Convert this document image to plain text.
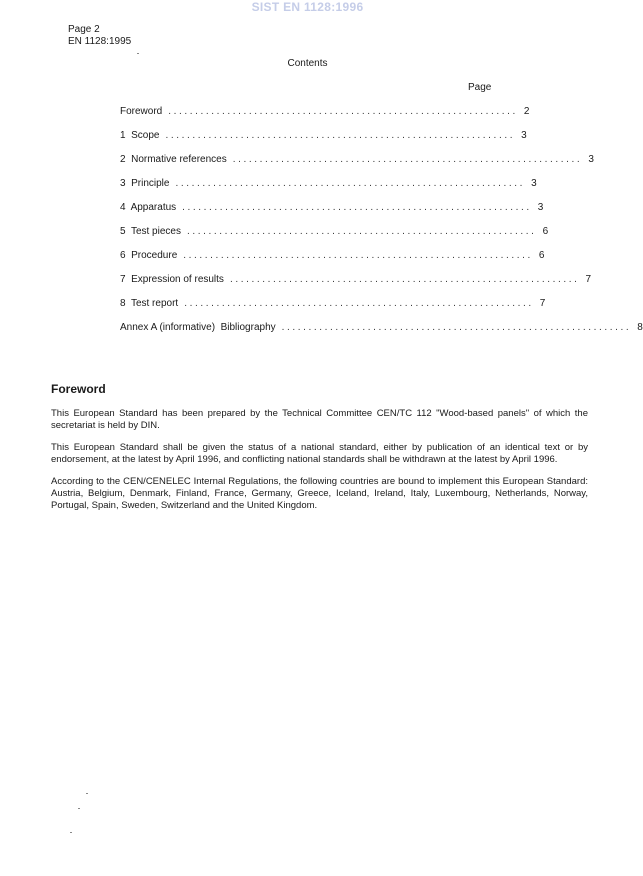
SIST EN 1128:1996
Page 2
EN 1128:1995
Contents
Page
Foreword ................................................................. 2
1  Scope ................................................................. 3
2  Normative references ................................................................. 3
3  Principle ................................................................. 3
4  Apparatus ................................................................. 3
5  Test pieces ................................................................. 6
6  Procedure ................................................................. 6
7  Expression of results ................................................................. 7
8  Test report ................................................................. 7
Annex A (informative)  Bibliography ................................................................. 8
Foreword

This European Standard has been prepared by the Technical Committee CEN/TC 112 "Wood-based panels" of which the secretariat is held by DIN.

This European Standard shall be given the status of a national standard, either by publication of an identical text or by endorsement, at the latest by April 1996, and conflicting national standards shall be withdrawn at the latest by April 1996.

According to the CEN/CENELEC Internal Regulations, the following countries are bound to implement this European Standard: Austria, Belgium, Denmark, Finland, France, Germany, Greece, Iceland, Ireland, Italy, Luxembourg, Netherlands, Norway, Portugal, Spain, Sweden, Switzerland and the United Kingdom.
